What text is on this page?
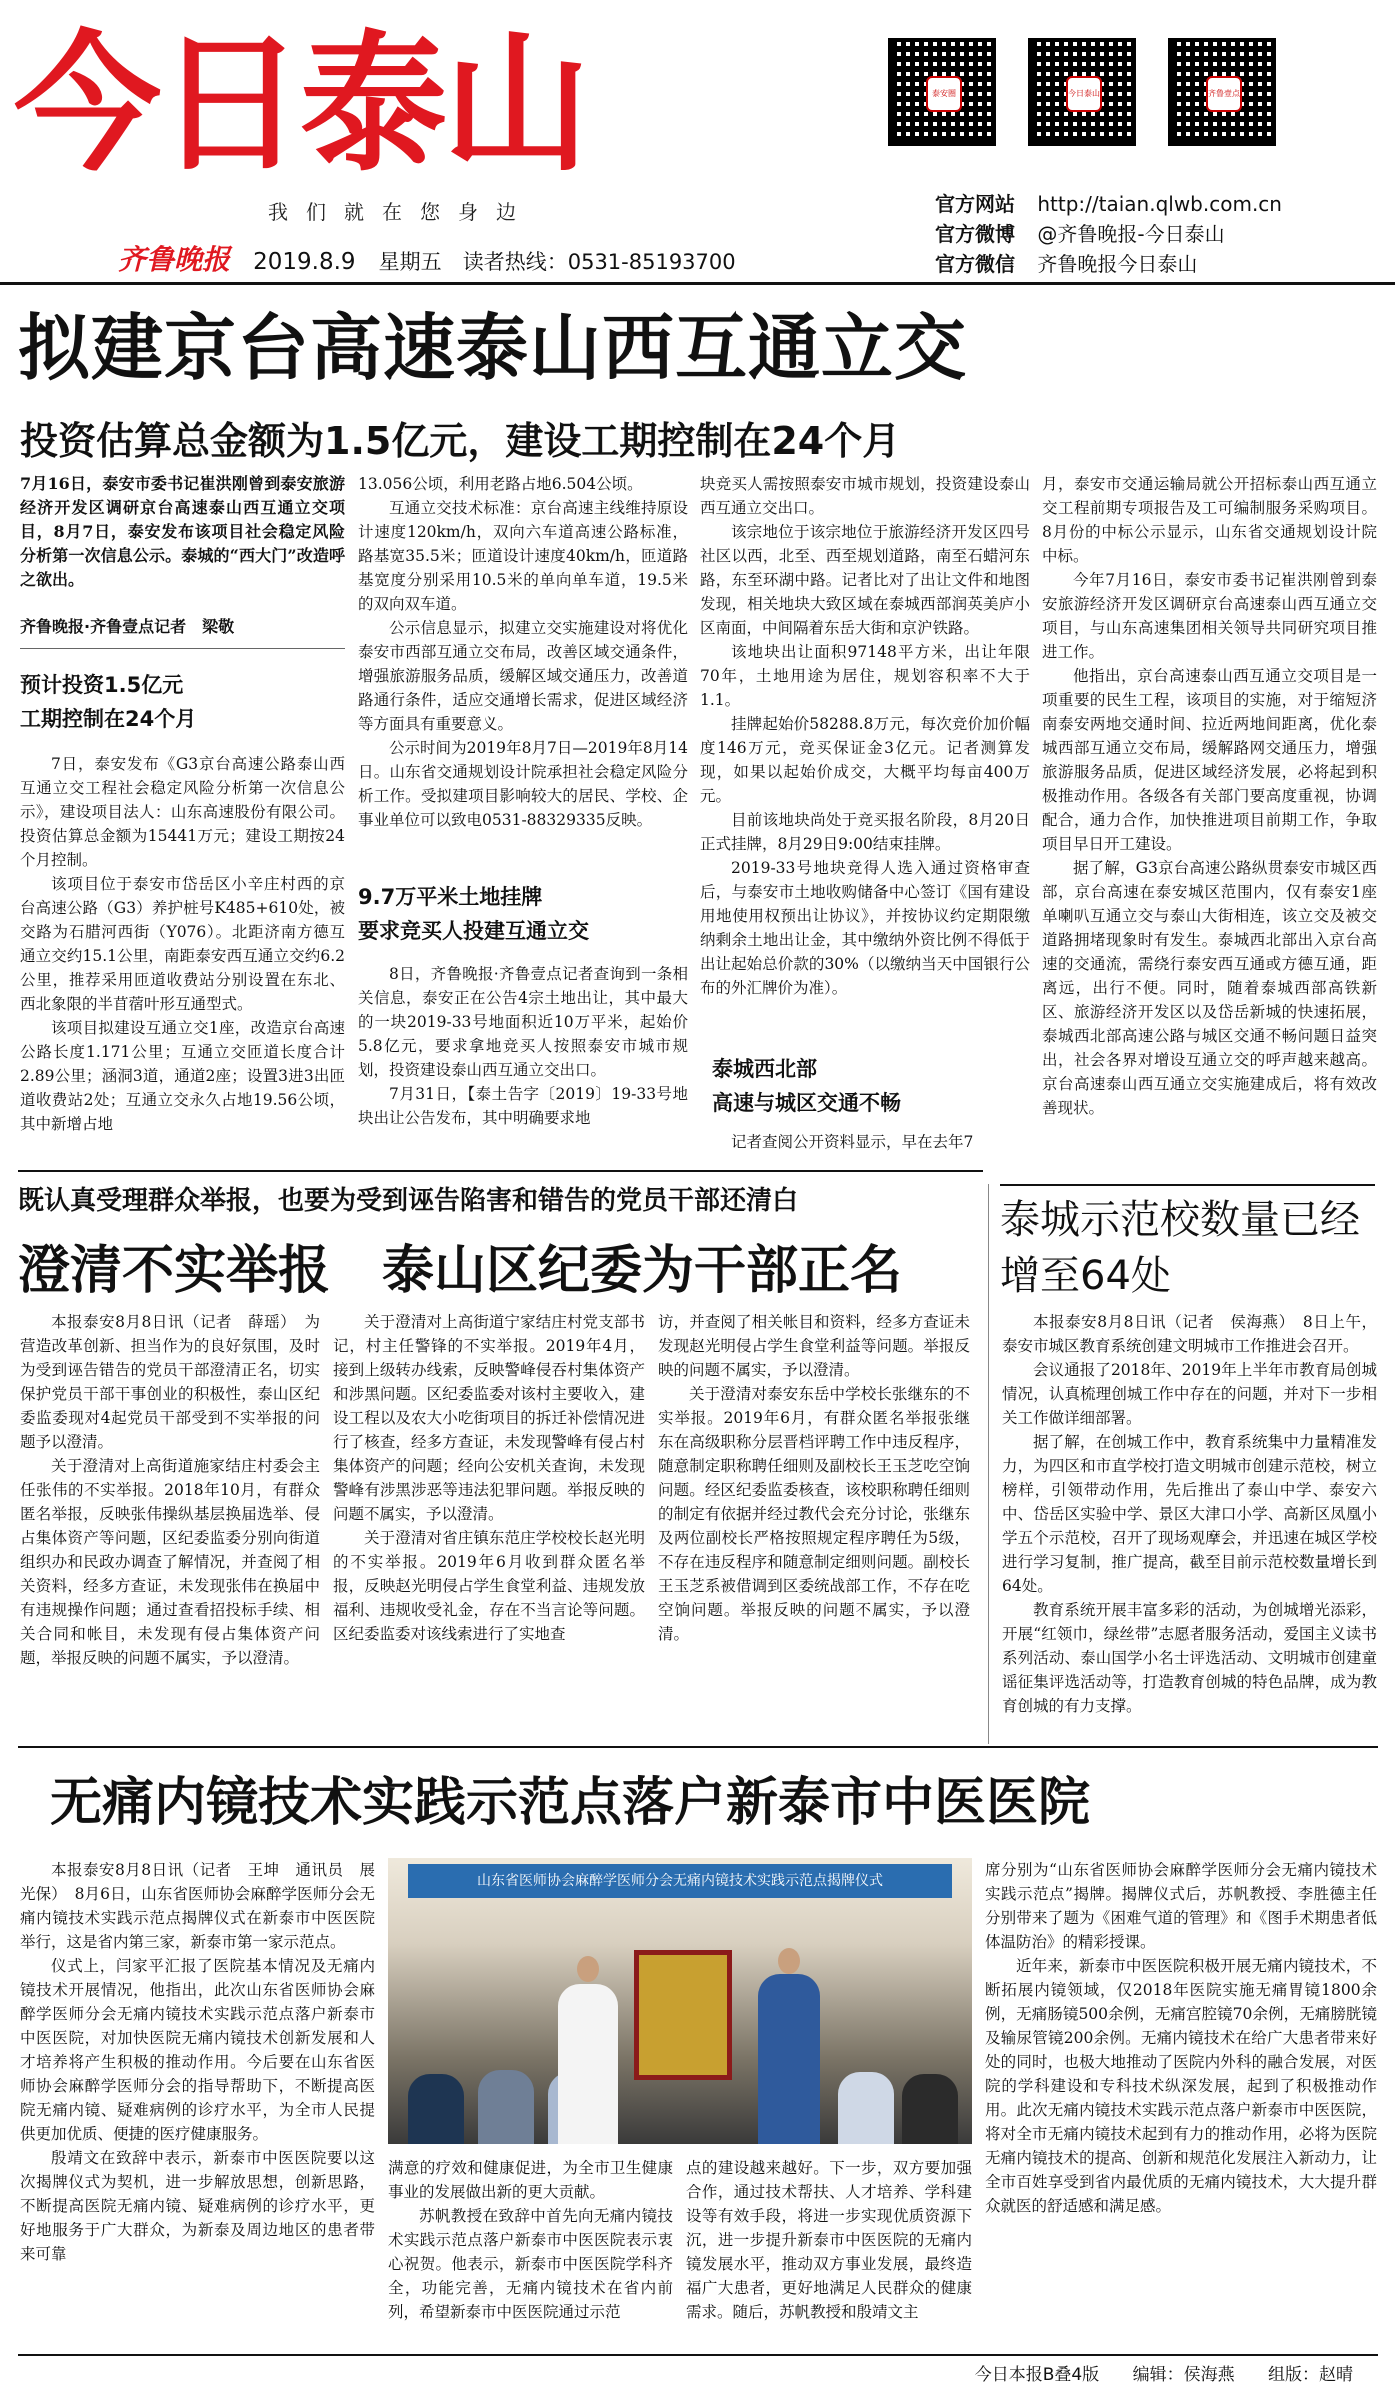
今日泰山
我们就在您身边
齐鲁晚报 2019.8.9 星期五 读者热线：0531-85193700
泰安圈	今日泰山	齐鲁壹点
官方网站 http://taian.qlwb.com.cn
官方微博 @齐鲁晚报-今日泰山
官方微信 齐鲁晚报今日泰山
拟建京台高速泰山西互通立交
投资估算总金额为1.5亿元，建设工期控制在24个月
7月16日，泰安市委书记崔洪刚曾到泰安旅游经济开发区调研京台高速泰山西互通立交项目，8月7日，泰安发布该项目社会稳定风险分析第一次信息公示。泰城的“西大门”改造呼之欲出。
齐鲁晚报·齐鲁壹点记者　梁敬
预计投资1.5亿元
工期控制在24个月

7日，泰安发布《G3京台高速公路泰山西互通立交工程社会稳定风险分析第一次信息公示》，建设项目法人：山东高速股份有限公司。投资估算总金额为15441万元；建设工期按24个月控制。

该项目位于泰安市岱岳区小辛庄村西的京台高速公路（G3）养护桩号K485+610处，被交路为石腊河西街（Y076）。北距济南方德互通立交约15.1公里，南距泰安西互通立交约6.2公里，推荐采用匝道收费站分别设置在东北、西北象限的半苜蓿叶形互通型式。

该项目拟建设互通立交1座，改造京台高速公路长度1.171公里；互通立交匝道长度合计2.89公里；涵洞3道，通道2座；设置3进3出匝道收费站2处；互通立交永久占地19.56公顷，其中新增占地

13.056公顷，利用老路占地6.504公顷。

互通立交技术标准：京台高速主线维持原设计速度120km/h，双向六车道高速公路标准，路基宽35.5米；匝道设计速度40km/h，匝道路基宽度分别采用10.5米的单向单车道，19.5米的双向双车道。

公示信息显示，拟建立交实施建设对将优化泰安市西部互通立交布局，改善区域交通条件，增强旅游服务品质，缓解区域交通压力，改善道路通行条件，适应交通增长需求，促进区域经济等方面具有重要意义。

公示时间为2019年8月7日—2019年8月14日。山东省交通规划设计院承担社会稳定风险分析工作。受拟建项目影响较大的居民、学校、企事业单位可以致电0531-88329335反映。

9.7万平米土地挂牌
要求竞买人投建互通立交

8日，齐鲁晚报·齐鲁壹点记者查询到一条相关信息，泰安正在公告4宗土地出让，其中最大的一块2019-33号地面积近10万平米，起始价5.8亿元，要求拿地竞买人按照泰安市城市规划，投资建设泰山西互通立交出口。

7月31日，【泰土告字〔2019〕19-33号地块出让公告发布，其中明确要求地

块竞买人需按照泰安市城市规划，投资建设泰山西互通立交出口。

该宗地位于该宗地位于旅游经济开发区四号社区以西，北至、西至规划道路，南至石蜡河东路，东至环湖中路。记者比对了出让文件和地图发现，相关地块大致区域在泰城西部润英美庐小区南面，中间隔着东岳大街和京沪铁路。

该地块出让面积97148平方米，出让年限70年，土地用途为居住，规划容积率不大于1.1。

挂牌起始价58288.8万元，每次竞价加价幅度146万元，竞买保证金3亿元。记者测算发现，如果以起始价成交，大概平均每亩400万元。

目前该地块尚处于竞买报名阶段，8月20日正式挂牌，8月29日9:00结束挂牌。

2019-33号地块竞得人选入通过资格审查后，与泰安市土地收购储备中心签订《国有建设用地使用权预出让协议》，并按协议约定期限缴纳剩余土地出让金，其中缴纳外资比例不得低于出让起始总价款的30%（以缴纳当天中国银行公布的外汇牌价为准）。

泰城西北部
高速与城区交通不畅

记者查阅公开资料显示，早在去年7

月，泰安市交通运输局就公开招标泰山西互通立交工程前期专项报告及工可编制服务采购项目。8月份的中标公示显示，山东省交通规划设计院中标。

今年7月16日，泰安市委书记崔洪刚曾到泰安旅游经济开发区调研京台高速泰山西互通立交项目，与山东高速集团相关领导共同研究项目推进工作。

他指出，京台高速泰山西互通立交项目是一项重要的民生工程，该项目的实施，对于缩短济南泰安两地交通时间、拉近两地间距离，优化泰城西部互通立交布局，缓解路网交通压力，增强旅游服务品质，促进区域经济发展，必将起到积极推动作用。各级各有关部门要高度重视，协调配合，通力合作，加快推进项目前期工作，争取项目早日开工建设。

据了解，G3京台高速公路纵贯泰安市城区西部，京台高速在泰安城区范围内，仅有泰安1座单喇叭互通立交与泰山大街相连，该立交及被交道路拥堵现象时有发生。泰城西北部出入京台高速的交通流，需绕行泰安西互通或方德互通，距离远，出行不便。同时，随着泰城西部高铁新区、旅游经济开发区以及岱岳新城的快速拓展，泰城西北部高速公路与城区交通不畅问题日益突出，社会各界对增设互通立交的呼声越来越高。京台高速泰山西互通立交实施建成后，将有效改善现状。

既认真受理群众举报，也要为受到诬告陷害和错告的党员干部还清白
澄清不实举报　泰山区纪委为干部正名

本报泰安8月8日讯（记者　薛瑶）　为营造改革创新、担当作为的良好氛围，及时为受到诬告错告的党员干部澄清正名，切实保护党员干部干事创业的积极性，泰山区纪委监委现对4起党员干部受到不实举报的问题予以澄清。

关于澄清对上高街道施家结庄村委会主任张伟的不实举报。2018年10月，有群众匿名举报，反映张伟操纵基层换届选举、侵占集体资产等问题，区纪委监委分别向街道组织办和民政办调查了解情况，并查阅了相关资料，经多方查证，未发现张伟在换届中有违规操作问题；通过查看招投标手续、相关合同和帐目，未发现有侵占集体资产问题，举报反映的问题不属实，予以澄清。

关于澄清对上高街道宁家结庄村党支部书记，村主任警锋的不实举报。2019年4月，接到上级转办线索，反映警峰侵吞村集体资产和涉黑问题。区纪委监委对该村主要收入，建设工程以及农大小吃街项目的拆迁补偿情况进行了核查，经多方查证，未发现警峰有侵占村集体资产的问题；经向公安机关查询，未发现警峰有涉黑涉恶等违法犯罪问题。举报反映的问题不属实，予以澄清。

关于澄清对省庄镇东范庄学校校长赵光明的不实举报。2019年6月收到群众匿名举报，反映赵光明侵占学生食堂利益、违规发放福利、违规收受礼金，存在不当言论等问题。区纪委监委对该线索进行了实地查

访，并查阅了相关帐目和资料，经多方查证未发现赵光明侵占学生食堂利益等问题。举报反映的问题不属实，予以澄清。

关于澄清对泰安东岳中学校长张继东的不实举报。2019年6月，有群众匿名举报张继东在高级职称分层晋档评聘工作中违反程序，随意制定职称聘任细则及副校长王玉芝吃空饷问题。经区纪委监委核查，该校职称聘任细则的制定有依据并经过教代会充分讨论，张继东及两位副校长严格按照规定程序聘任为5级，不存在违反程序和随意制定细则问题。副校长王玉芝系被借调到区委统战部工作，不存在吃空饷问题。举报反映的问题不属实，予以澄清。

泰城示范校数量已经增至64处

本报泰安8月8日讯（记者　侯海燕）　8日上午，泰安市城区教育系统创建文明城市工作推进会召开。

会议通报了2018年、2019年上半年市教育局创城情况，认真梳理创城工作中存在的问题，并对下一步相关工作做详细部署。

据了解，在创城工作中，教育系统集中力量精准发力，为四区和市直学校打造文明城市创建示范校，树立榜样，引领带动作用，先后推出了泰山中学、泰安六中、岱岳区实验中学、景区大津口小学、高新区凤凰小学五个示范校，召开了现场观摩会，并迅速在城区学校进行学习复制，推广提高，截至目前示范校数量增长到64处。

教育系统开展丰富多彩的活动，为创城增光添彩，开展“红领巾，绿丝带”志愿者服务活动，爱国主义读书系列活动、泰山国学小名士评选活动、文明城市创建童谣征集评选活动等，打造教育创城的特色品牌，成为教育创城的有力支撑。

无痛内镜技术实践示范点落户新泰市中医医院

本报泰安8月8日讯（记者　王坤　通讯员　展光保）　8月6日，山东省医师协会麻醉学医师分会无痛内镜技术实践示范点揭牌仪式在新泰市中医医院举行，这是省内第三家，新泰市第一家示范点。

仪式上，闫家平汇报了医院基本情况及无痛内镜技术开展情况，他指出，此次山东省医师协会麻醉学医师分会无痛内镜技术实践示范点落户新泰市中医医院，对加快医院无痛内镜技术创新发展和人才培养将产生积极的推动作用。今后要在山东省医师协会麻醉学医师分会的指导帮助下，不断提高医院无痛内镜、疑难病例的诊疗水平，为全市人民提供更加优质、便捷的医疗健康服务。

殷靖文在致辞中表示，新泰市中医医院要以这次揭牌仪式为契机，进一步解放思想，创新思路，不断提高医院无痛内镜、疑难病例的诊疗水平，更好地服务于广大群众，为新泰及周边地区的患者带来可靠

山东省医师协会麻醉学医师分会无痛内镜技术实践示范点揭牌仪式

满意的疗效和健康促进，为全市卫生健康事业的发展做出新的更大贡献。

苏帆教授在致辞中首先向无痛内镜技术实践示范点落户新泰市中医医院表示衷心祝贺。他表示，新泰市中医医院学科齐全，功能完善，无痛内镜技术在省内前列，希望新泰市中医医院通过示范

点的建设越来越好。下一步，双方要加强合作，通过技术帮扶、人才培养、学科建设等有效手段，将进一步实现优质资源下沉，进一步提升新泰市中医医院的无痛内镜发展水平，推动双方事业发展，最终造福广大患者，更好地满足人民群众的健康需求。随后，苏帆教授和殷靖文主

席分别为“山东省医师协会麻醉学医师分会无痛内镜技术实践示范点”揭牌。揭牌仪式后，苏帆教授、李胜德主任分别带来了题为《困难气道的管理》和《图手术期患者低体温防治》的精彩授课。

近年来，新泰市中医医院积极开展无痛内镜技术，不断拓展内镜领域，仅2018年医院实施无痛胃镜1800余例，无痛肠镜500余例，无痛宫腔镜70余例，无痛膀胱镜及输尿管镜200余例。无痛内镜技术在给广大患者带来好处的同时，也极大地推动了医院内外科的融合发展，对医院的学科建设和专科技术纵深发展，起到了积极推动作用。此次无痛内镜技术实践示范点落户新泰市中医医院，将对全市无痛内镜技术起到有力的推动作用，必将为医院无痛内镜技术的提高、创新和规范化发展注入新动力，让全市百姓享受到省内最优质的无痛内镜技术，大大提升群众就医的舒适感和满足感。

今日本报B叠4版 编辑：侯海燕 组版：赵晴
